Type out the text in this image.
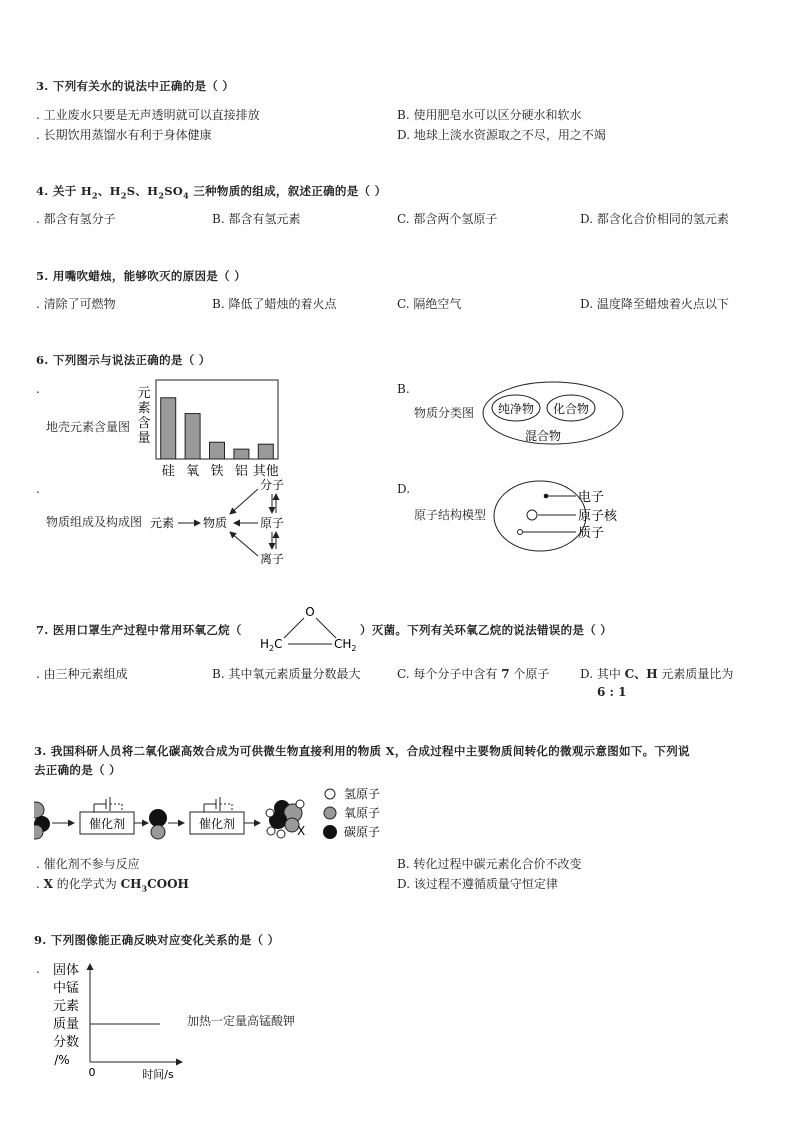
3. 下列有关水的说法中正确的是（ ）
. 工业废水只要是无声透明就可以直接排放	B. 使用肥皂水可以区分硬水和软水
. 长期饮用蒸馏水有利于身体健康	D. 地球上淡水资源取之不尽，用之不竭
4. 关于 $H_2$、$H_2S$、$H_2SO_4$ 三种物质的组成，叙述正确的是（ ）
. 都含有氢分子	B. 都含有氢元素	C. 都含两个氢原子	D. 都含化合价相同的氢元素
5. 用嘴吹蜡烛，能够吹灭的原因是（ ）
. 清除了可燃物	B. 降低了蜡烛的着火点	C. 隔绝空气	D. 温度降至蜡烛着火点以下
6. 下列图示与说法正确的是（ ）
.
地壳元素含量图
硅 氧 铁 铝 其他
元
素
含
量
B.
物质分类图 纯净物 化合物
混合物
.
物质组成及构成图 元素 物质
分子
原子
离子
D.
原子结构模型
电子
原子核
质子
7. 医用口罩生产过程中常用环氧乙烷（
O
$H_2C$	$CH_2$
）灭菌。下列有关环氧乙烷的说法错误的是（ ）
. 由三种元素组成	B. 其中氧元素质量分数最大	C. 每个分子中含有 7 个原子	D. 其中 C、H 元素质量比为
6 : 1
3. 我国科研人员将二氧化碳高效合成为可供微生物直接利用的物质 X，合成过程中主要物质间转化的微观示意图如下。下列说
去正确的是（ ）
催化剂	催化剂	X
氢原子
氧原子
碳原子
. 催化剂不参与反应	B. 转化过程中碳元素化合价不改变
. X 的化学式为 $CH_3COOH$	D. 该过程不遵循质量守恒定律
9. 下列图像能正确反映对应变化关系的是（ ）
. 固体
中锰
元素
质量
分数
/%
0	时间/s
加热一定量高锰酸钾
